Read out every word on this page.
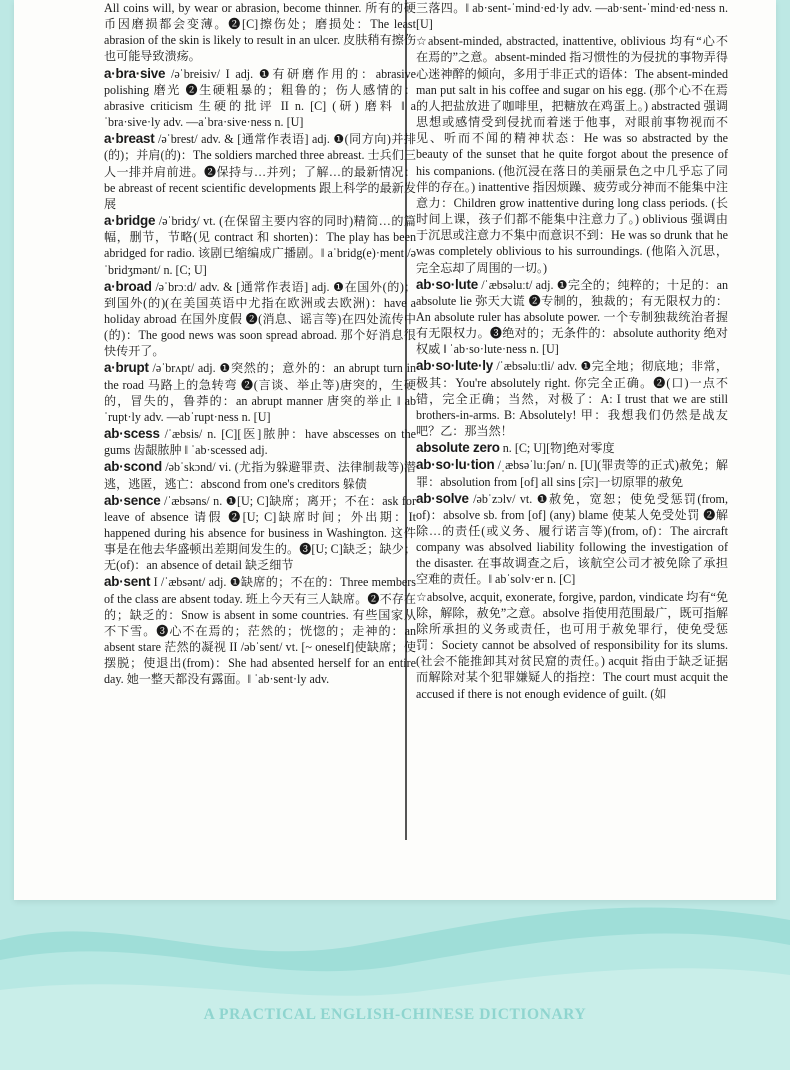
All coins will, by wear or abrasion, become thinner. 所有的硬币因磨损都会变薄。❷[C]擦伤处；磨损处：The least abrasion of the skin is likely to result in an ulcer. 皮肤稍有擦伤也可能导致溃疡。

a·bra·sive /əˈbreisiv/ I adj. ❶有研磨作用的：abrasive polishing 磨光 ❷生硬粗暴的；粗鲁的；伤人感情的：abrasive criticism 生硬的批评 II n. [C] (研) 磨料 ‖ aˈbra·sive·ly adv. —aˈbra·sive·ness n. [U]

a·breast /əˈbrest/ adv. & [通常作表语] adj. ❶(同方向)并排(的)；并肩(的)：The soldiers marched three abreast. 士兵们三人一排并肩前进。❷保持与…并列；了解…的最新情况：be abreast of recent scientific developments 跟上科学的最新发展

a·bridge /əˈbridʒ/ vt. (在保留主要内容的同时)精简…的篇幅，删节，节略(见 contract 和 shorten)：The play has been abridged for radio. 该剧已缩编成广播剧。‖ aˈbridg(e)·ment /əˈbridʒmənt/ n. [C; U]

a·broad /əˈbrɔːd/ adv. & [通常作表语] adj. ❶在国外(的)；到国外(的)(在美国英语中尤指在欧洲或去欧洲)：have a holiday abroad 在国外度假 ❷(消息、谣言等)在四处流传中(的)：The good news was soon spread abroad. 那个好消息很快传开了。

a·brupt /əˈbrʌpt/ adj. ❶突然的；意外的：an abrupt turn in the road 马路上的急转弯 ❷(言谈、举止等)唐突的，生硬的，冒失的，鲁莽的：an abrupt manner 唐突的举止 ‖ abˈrupt·ly adv. —abˈrupt·ness n. [U]

ab·scess /ˈæbsis/ n. [C][医]脓肿：have abscesses on the gums 齿龈脓肿 ‖ ˈab·scessed adj.

ab·scond /əbˈskɔnd/ vi. (尤指为躲避罪责、法律制裁等)潜逃，逃匿，逃亡：abscond from one's creditors 躲债

ab·sence /ˈæbsəns/ n. ❶[U; C]缺席；离开；不在：ask for leave of absence 请假 ❷[U; C]缺席时间；外出期：It happened during his absence for business in Washington. 这件事是在他去华盛顿出差期间发生的。❸[U; C]缺乏；缺少；无(of)：an absence of detail 缺乏细节

ab·sent I /ˈæbsənt/ adj. ❶缺席的；不在的：Three members of the class are absent today. 班上今天有三人缺席。❷不存在的；缺乏的：Snow is absent in some countries. 有些国家从不下雪。❸心不在焉的；茫然的；恍惚的；走神的：an absent stare 茫然的凝视 II /əbˈsent/ vt. [~ oneself]使缺席；使摆脱；使退出(from)：She had absented herself for an entire day. 她一整天都没有露面。‖ ˈab·sent·ly adv.

三落四。‖ ab·sent-ˈmind·ed·ly adv. —ab·sent-ˈmind·ed·ness n. [U]

☆absent-minded, abstracted, inattentive, oblivious 均有“心不在焉的”之意。absent-minded 指习惯性的为侵扰的事物弄得心迷神醉的倾向，多用于非正式的语体：The absent-minded man put salt in his coffee and sugar on his egg. (那个心不在焉的人把盐放进了咖啡里，把糖放在鸡蛋上。) abstracted 强调思想或感情受到侵扰而着迷于他事，对眼前事物视而不见、听而不闻的精神状态：He was so abstracted by the beauty of the sunset that he quite forgot about the presence of his companions. (他沉浸在落日的美丽景色之中几乎忘了同伴的存在。) inattentive 指因烦躁、疲劳或分神而不能集中注意力：Children grow inattentive during long class periods. (长时间上课，孩子们都不能集中注意力了。) oblivious 强调由于沉思或注意力不集中而意识不到：He was so drunk that he was completely oblivious to his surroundings. (他陷入沉思，完全忘却了周围的一切。)

ab·so·lute /ˈæbsəluːt/ adj. ❶完全的；纯粹的；十足的：an absolute lie 弥天大谎 ❷专制的，独裁的；有无限权力的：An absolute ruler has absolute power. 一个专制独裁统治者握有无限权力。❸绝对的；无条件的：absolute authority 绝对权威 ‖ ˈab·so·lute·ness n. [U]

ab·so·lute·ly /ˈæbsəluːtli/ adv. ❶完全地；彻底地；非常，极其：You're absolutely right. 你完全正确。❷(口)一点不错，完全正确；当然，对极了：A: I trust that we are still brothers-in-arms. B: Absolutely! 甲：我想我们仍然是战友吧？乙：那当然！

absolute zero n. [C; U][物]绝对零度

ab·so·lu·tion /ˌæbsəˈluːʃən/ n. [U](罪责等的正式)赦免；解罪：absolution from [of] all sins [宗]一切原罪的赦免

ab·solve /əbˈzɔlv/ vt. ❶赦免，宽恕；使免受惩罚(from, of)：absolve sb. from [of] (any) blame 使某人免受处罚 ❷解除…的责任(或义务、履行诺言等)(from, of)：The aircraft company was absolved liability following the investigation of the disaster. 在事故调查之后，该航空公司才被免除了承担空难的责任。‖ abˈsolv·er n. [C]

☆absolve, acquit, exonerate, forgive, pardon, vindicate 均有“免除，解除，赦免”之意。absolve 指使用范围最广，既可指解除所承担的义务或责任，也可用于赦免罪行，使免受惩罚：Society cannot be absolved of responsibility for its slums. (社会不能推卸其对贫民窟的责任。) acquit 指由于缺乏证据而解除对某个犯罪嫌疑人的指控：The court must acquit the accused if there is not enough evidence of guilt. (如

A PRACTICAL ENGLISH-CHINESE DICTIONARY
